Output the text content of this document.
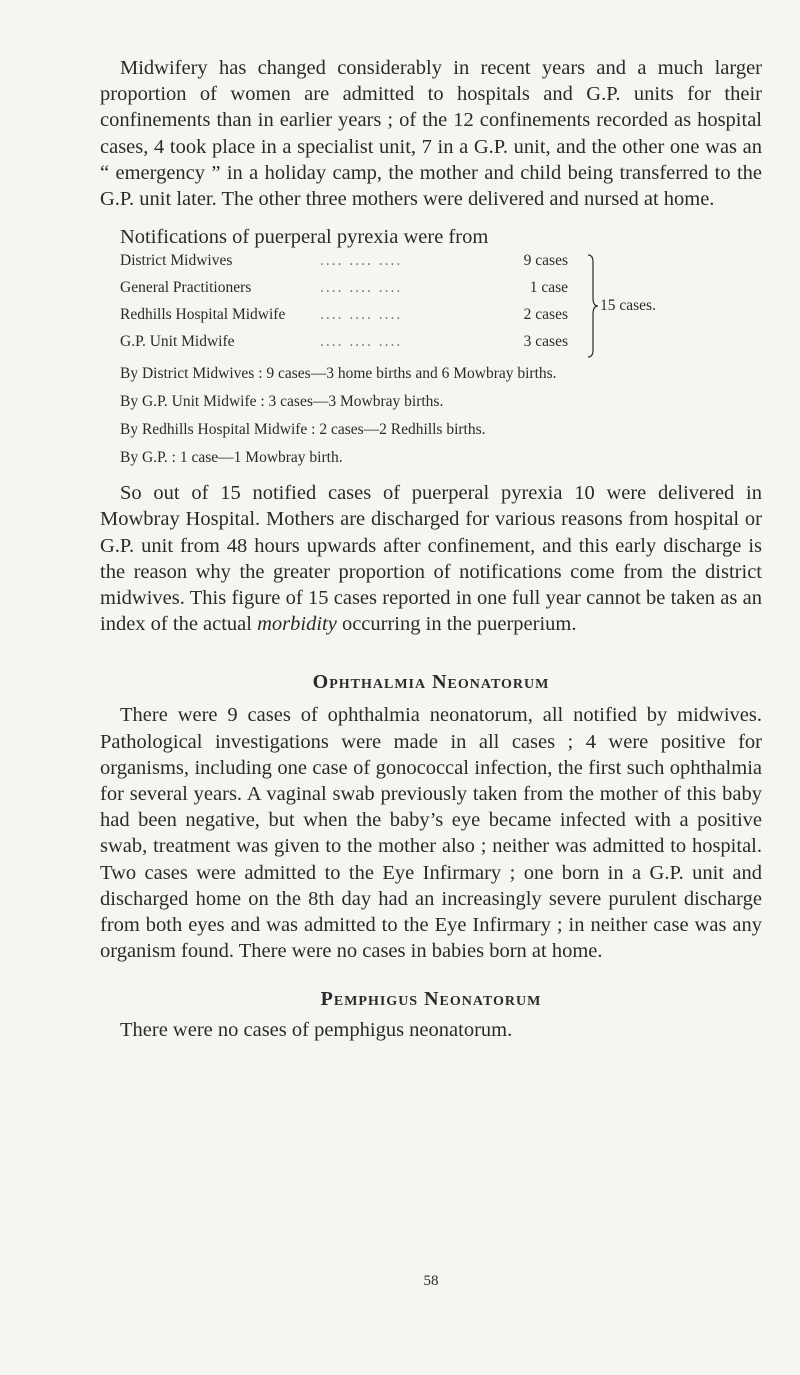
Midwifery has changed considerably in recent years and a much larger proportion of women are admitted to hospitals and G.P. units for their confinements than in earlier years ; of the 12 confinements recorded as hospital cases, 4 took place in a specialist unit, 7 in a G.P. unit, and the other one was an “ emergency ” in a holiday camp, the mother and child being transferred to the G.P. unit later. The other three mothers were delivered and nursed at home.

Notifications of puerperal pyrexia were from
District Midwives	.... .... ....	9 cases
General Practitioners	.... .... ....	1 case
Redhills Hospital Midwife .... .... ....	2 cases
G.P. Unit Midwife	.... .... ....	3 cases
15 cases.
By District Midwives : 9 cases—3 home births and 6 Mowbray births.
By G.P. Unit Midwife : 3 cases—3 Mowbray births.
By Redhills Hospital Midwife : 2 cases—2 Redhills births.
By G.P. : 1 case—1 Mowbray birth.

So out of 15 notified cases of puerperal pyrexia 10 were delivered in Mowbray Hospital. Mothers are discharged for various reasons from hospital or G.P. unit from 48 hours upwards after confinement, and this early discharge is the reason why the greater proportion of notifications come from the district midwives. This figure of 15 cases reported in one full year cannot be taken as an index of the actual morbidity occurring in the puerperium.

Ophthalmia Neonatorum

There were 9 cases of ophthalmia neonatorum, all notified by midwives. Pathological investigations were made in all cases ; 4 were positive for organisms, including one case of gonococcal infection, the first such ophthalmia for several years. A vaginal swab previously taken from the mother of this baby had been negative, but when the baby’s eye became infected with a positive swab, treatment was given to the mother also ; neither was admitted to hospital. Two cases were admitted to the Eye Infirmary ; one born in a G.P. unit and discharged home on the 8th day had an increasingly severe purulent discharge from both eyes and was admitted to the Eye Infirmary ; in neither case was any organism found. There were no cases in babies born at home.

Pemphigus Neonatorum

There were no cases of pemphigus neonatorum.

58
